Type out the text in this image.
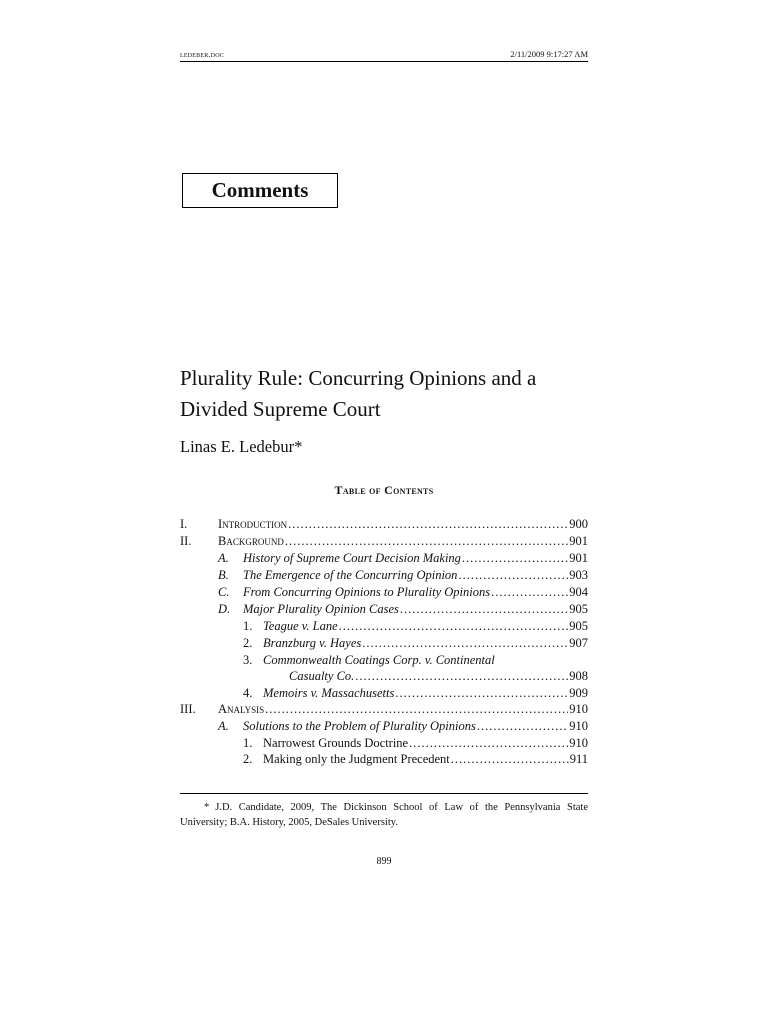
ledeber.doc	2/11/2009 9:17:27 AM
Comments
Plurality Rule: Concurring Opinions and a
Divided Supreme Court
Linas E. Ledebur*
Table of Contents
I. Introduction .....	900
II. Background .....	901
A. History of Supreme Court Decision Making .....	901
B. The Emergence of the Concurring Opinion .....	903
C. From Concurring Opinions to Plurality Opinions .....	904
D. Major Plurality Opinion Cases .....	905
1. Teague v. Lane .....	905
2. Branzburg v. Hayes .....	907
3. Commonwealth Coatings Corp. v. Continental
Casualty Co. .....	908
4. Memoirs v. Massachusetts .....	909
III. Analysis .....	910
A. Solutions to the Problem of Plurality Opinions .....	910
1. Narrowest Grounds Doctrine .....	910
2. Making only the Judgment Precedent .....	911
* J.D. Candidate, 2009, The Dickinson School of Law of the Pennsylvania State University; B.A. History, 2005, DeSales University.
899
